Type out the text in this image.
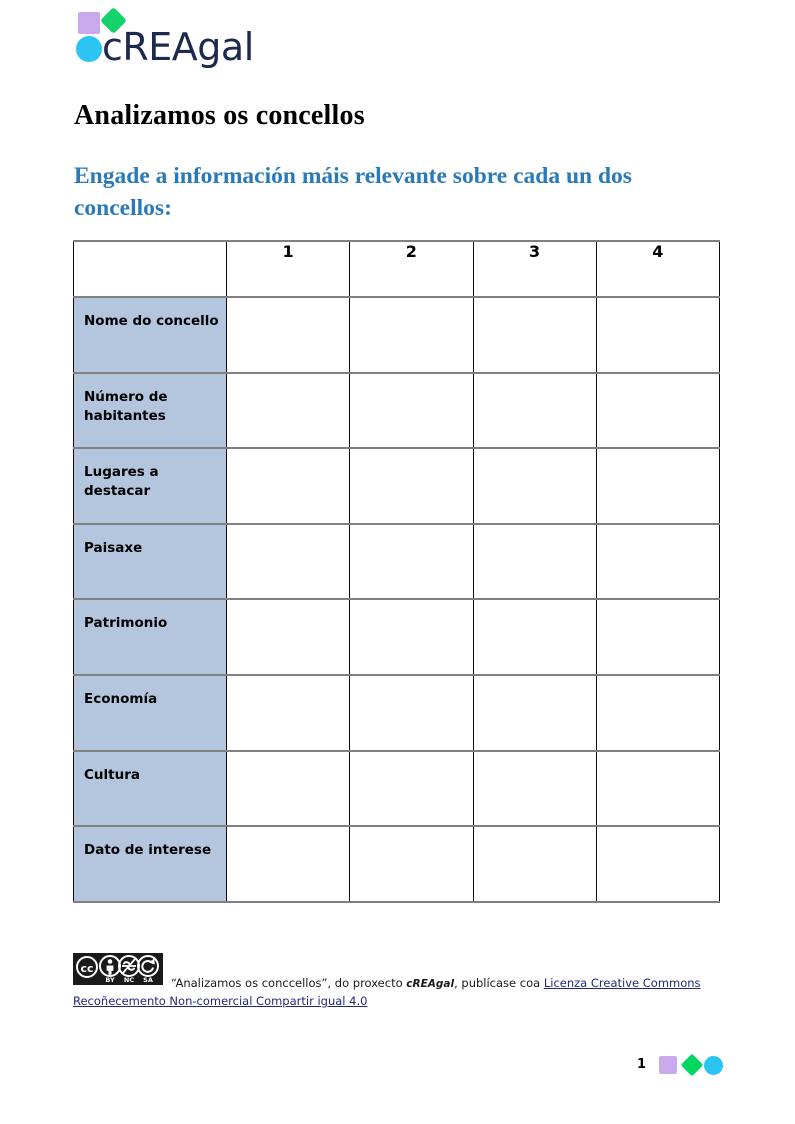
cREAgal
Analizamos os concellos
Engade a información máis relevante sobre cada un dos concellos:
	1	2	3	4
Nome do concello				
Número de habitantes				
Lugares a destacar				
Paisaxe				
Patrimonio				
Economía				
Cultura				
Dato de interese				
cc
BY NC SA	“Analizamos os conccellos”, do proxecto cREAgal, publícase coa Licenza Creative Commons Recoñecemento Non-comercial Compartir igual 4.0
1
